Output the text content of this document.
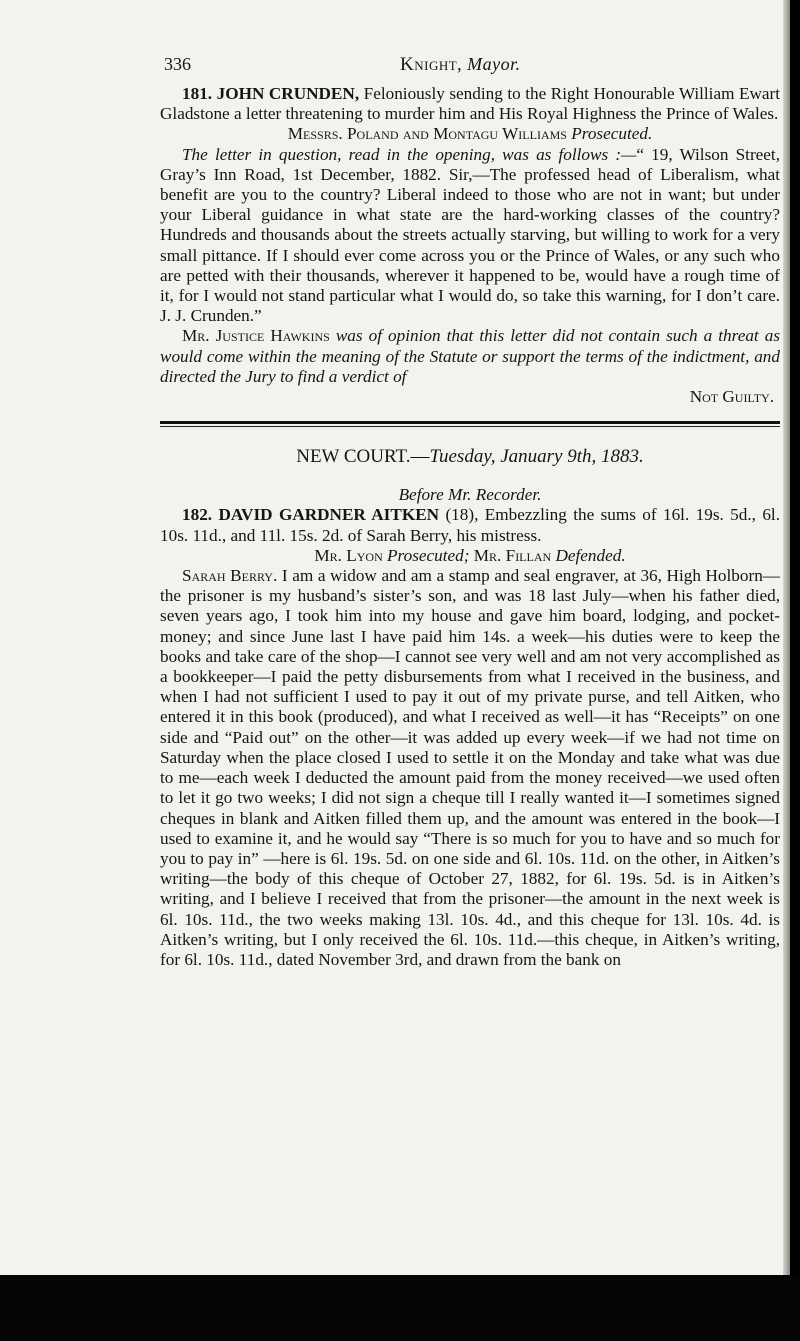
336	Knight, Mayor.

181. JOHN CRUNDEN, Feloniously sending to the Right Honourable William Ewart Gladstone a letter threatening to murder him and His Royal Highness the Prince of Wales.

Messrs. Poland and Montagu Williams Prosecuted.

The letter in question, read in the opening, was as follows :—“ 19, Wilson Street, Gray’s Inn Road, 1st December, 1882. Sir,—The professed head of Liberalism, what benefit are you to the country? Liberal indeed to those who are not in want; but under your Liberal guidance in what state are the hard-working classes of the country? Hundreds and thousands about the streets actually starving, but willing to work for a very small pittance. If I should ever come across you or the Prince of Wales, or any such who are petted with their thousands, wherever it happened to be, would have a rough time of it, for I would not stand particular what I would do, so take this warning, for I don’t care. J. J. Crunden.”

Mr. Justice Hawkins was of opinion that this letter did not contain such a threat as would come within the meaning of the Statute or support the terms of the indictment, and directed the Jury to find a verdict of

Not Guilty.

NEW COURT.—Tuesday, January 9th, 1883.

Before Mr. Recorder.

182. DAVID GARDNER AITKEN (18), Embezzling the sums of 16l. 19s. 5d., 6l. 10s. 11d., and 11l. 15s. 2d. of Sarah Berry, his mistress.

Mr. Lyon Prosecuted; Mr. Fillan Defended.

Sarah Berry. I am a widow and am a stamp and seal engraver, at 36, High Holborn—the prisoner is my husband’s sister’s son, and was 18 last July—when his father died, seven years ago, I took him into my house and gave him board, lodging, and pocket-money; and since June last I have paid him 14s. a week—his duties were to keep the books and take care of the shop—I cannot see very well and am not very accomplished as a bookkeeper—I paid the petty disbursements from what I received in the business, and when I had not sufficient I used to pay it out of my private purse, and tell Aitken, who entered it in this book (produced), and what I received as well—it has “Receipts” on one side and “Paid out” on the other—it was added up every week—if we had not time on Saturday when the place closed I used to settle it on the Monday and take what was due to me—each week I deducted the amount paid from the money received—we used often to let it go two weeks; I did not sign a cheque till I really wanted it—I sometimes signed cheques in blank and Aitken filled them up, and the amount was entered in the book—I used to examine it, and he would say “There is so much for you to have and so much for you to pay in” —here is 6l. 19s. 5d. on one side and 6l. 10s. 11d. on the other, in Aitken’s writing—the body of this cheque of October 27, 1882, for 6l. 19s. 5d. is in Aitken’s writing, and I believe I received that from the prisoner—the amount in the next week is 6l. 10s. 11d., the two weeks making 13l. 10s. 4d., and this cheque for 13l. 10s. 4d. is Aitken’s writing, but I only received the 6l. 10s. 11d.—this cheque, in Aitken’s writing, for 6l. 10s. 11d., dated November 3rd, and drawn from the bank on
